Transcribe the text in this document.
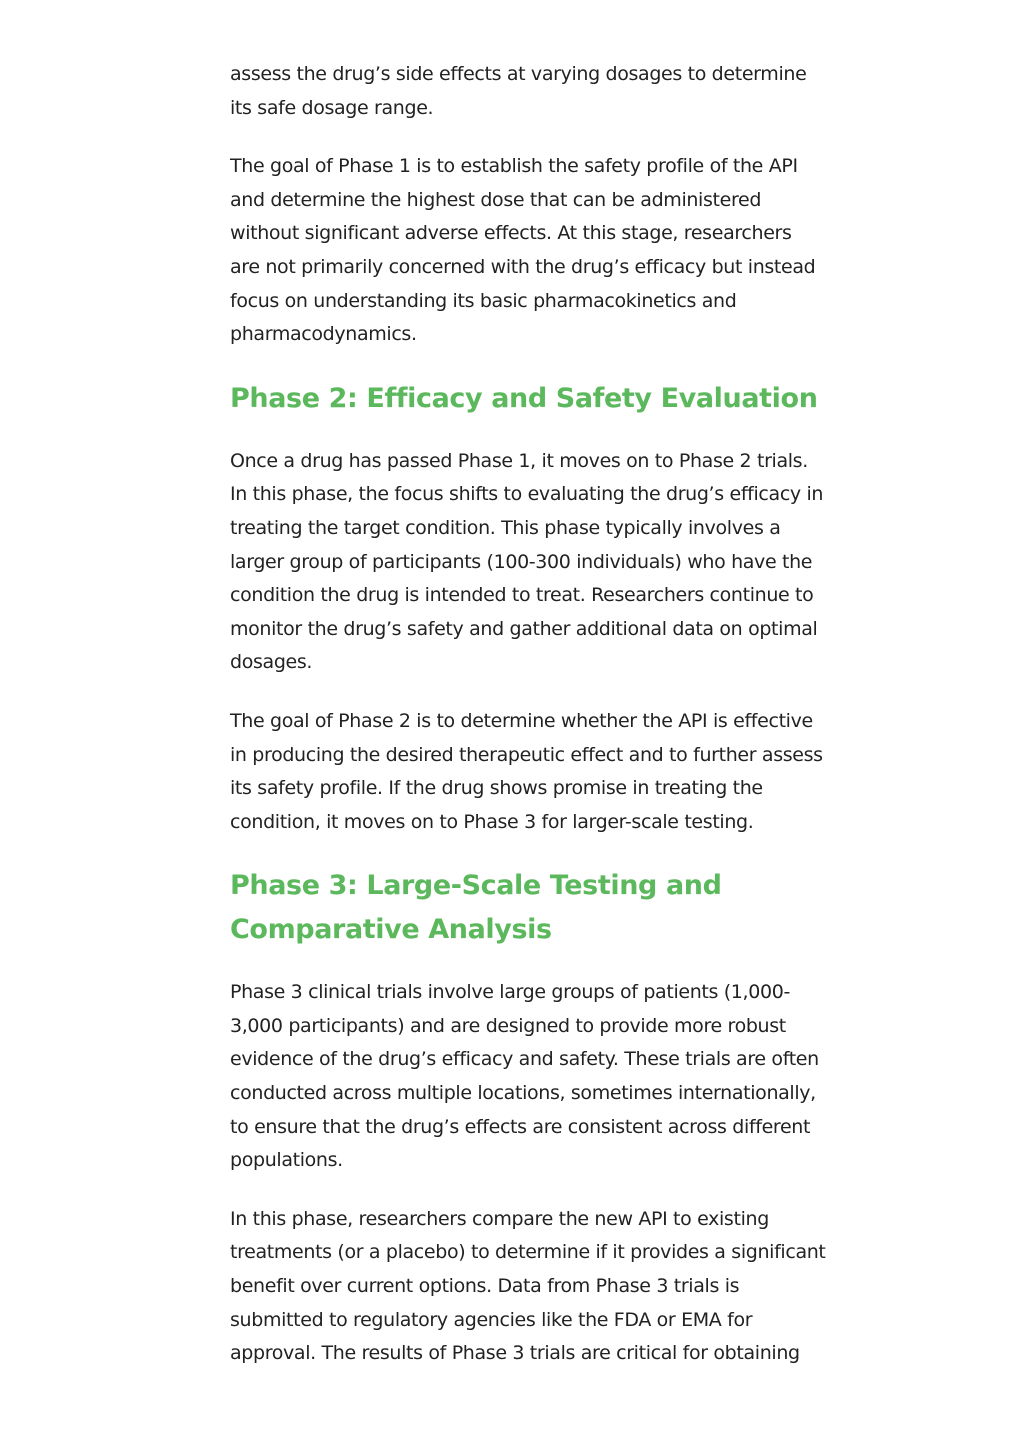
assess the drug’s side effects at varying dosages to determine
its safe dosage range.

The goal of Phase 1 is to establish the safety profile of the API
and determine the highest dose that can be administered
without significant adverse effects. At this stage, researchers
are not primarily concerned with the drug’s efficacy but instead
focus on understanding its basic pharmacokinetics and
pharmacodynamics.

Phase 2: Efficacy and Safety Evaluation

Once a drug has passed Phase 1, it moves on to Phase 2 trials.
In this phase, the focus shifts to evaluating the drug’s efficacy in
treating the target condition. This phase typically involves a
larger group of participants (100-300 individuals) who have the
condition the drug is intended to treat. Researchers continue to
monitor the drug’s safety and gather additional data on optimal
dosages.

The goal of Phase 2 is to determine whether the API is effective
in producing the desired therapeutic effect and to further assess
its safety profile. If the drug shows promise in treating the
condition, it moves on to Phase 3 for larger-scale testing.

Phase 3: Large-Scale Testing and
Comparative Analysis

Phase 3 clinical trials involve large groups of patients (1,000-
3,000 participants) and are designed to provide more robust
evidence of the drug’s efficacy and safety. These trials are often
conducted across multiple locations, sometimes internationally,
to ensure that the drug’s effects are consistent across different
populations.

In this phase, researchers compare the new API to existing
treatments (or a placebo) to determine if it provides a significant
benefit over current options. Data from Phase 3 trials is
submitted to regulatory agencies like the FDA or EMA for
approval. The results of Phase 3 trials are critical for obtaining
